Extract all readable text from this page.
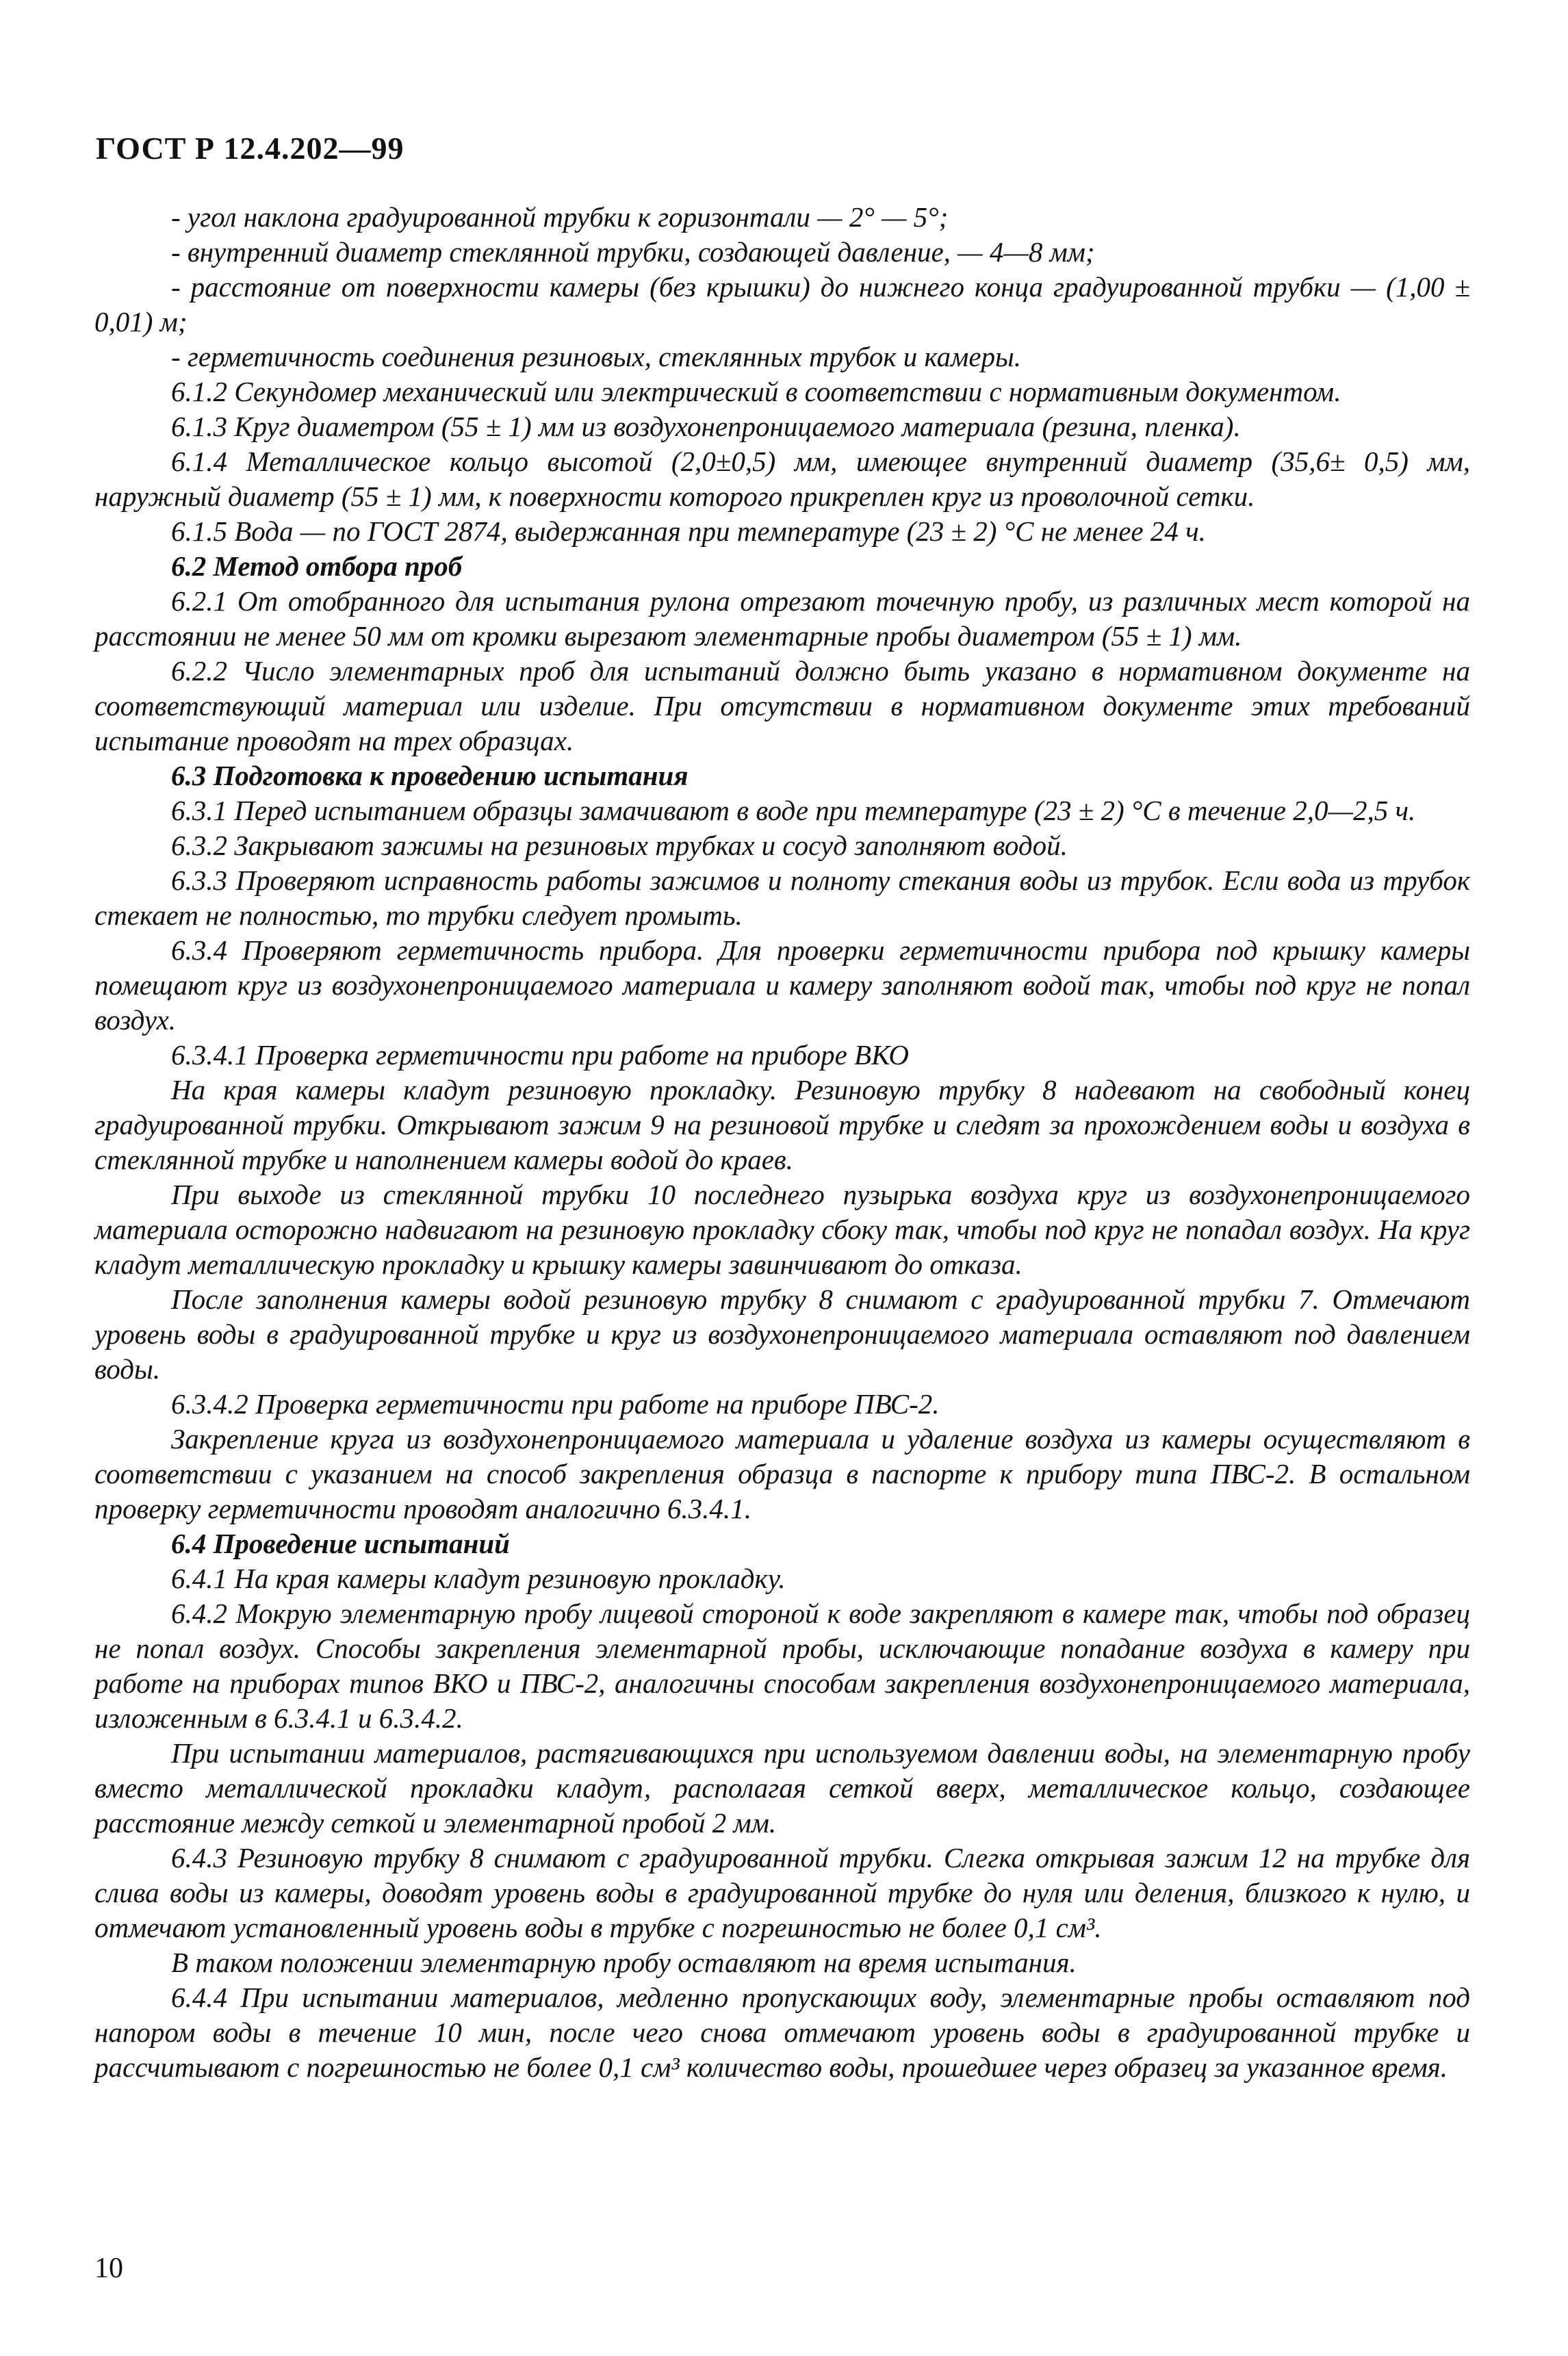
ГОСТ Р 12.4.202—99

- угол наклона градуированной трубки к горизонтали — 2° — 5°;

- внутренний диаметр стеклянной трубки, создающей давление, — 4—8 мм;

- расстояние от поверхности камеры (без крышки) до нижнего конца градуированной трубки — (1,00 ± 0,01) м;

- герметичность соединения резиновых, стеклянных трубок и камеры.

6.1.2 Секундомер механический или электрический в соответствии с нормативным документом.

6.1.3 Круг диаметром (55 ± 1) мм из воздухонепроницаемого материала (резина, пленка).

6.1.4 Металлическое кольцо высотой (2,0±0,5) мм, имеющее внутренний диаметр (35,6± 0,5) мм, наружный диаметр (55 ± 1) мм, к поверхности которого прикреплен круг из проволочной сетки.

6.1.5 Вода — по ГОСТ 2874, выдержанная при температуре (23 ± 2) °С не менее 24 ч.

6.2 Метод отбора проб

6.2.1 От отобранного для испытания рулона отрезают точечную пробу, из различных мест которой на расстоянии не менее 50 мм от кромки вырезают элементарные пробы диаметром (55 ± 1) мм.

6.2.2 Число элементарных проб для испытаний должно быть указано в нормативном документе на соответствующий материал или изделие. При отсутствии в нормативном документе этих требований испытание проводят на трех образцах.

6.3 Подготовка к проведению испытания

6.3.1 Перед испытанием образцы замачивают в воде при температуре (23 ± 2) °С в течение 2,0—2,5 ч.

6.3.2 Закрывают зажимы на резиновых трубках и сосуд заполняют водой.

6.3.3 Проверяют исправность работы зажимов и полноту стекания воды из трубок. Если вода из трубок стекает не полностью, то трубки следует промыть.

6.3.4 Проверяют герметичность прибора. Для проверки герметичности прибора под крышку камеры помещают круг из воздухонепроницаемого материала и камеру заполняют водой так, чтобы под круг не попал воздух.

6.3.4.1 Проверка герметичности при работе на приборе ВКО

На края камеры кладут резиновую прокладку. Резиновую трубку 8 надевают на свободный конец градуированной трубки. Открывают зажим 9 на резиновой трубке и следят за прохождением воды и воздуха в стеклянной трубке и наполнением камеры водой до краев.

При выходе из стеклянной трубки 10 последнего пузырька воздуха круг из воздухонепроницаемого материала осторожно надвигают на резиновую прокладку сбоку так, чтобы под круг не попадал воздух. На круг кладут металлическую прокладку и крышку камеры завинчивают до отказа.

После заполнения камеры водой резиновую трубку 8 снимают с градуированной трубки 7. Отмечают уровень воды в градуированной трубке и круг из воздухонепроницаемого материала оставляют под давлением воды.

6.3.4.2 Проверка герметичности при работе на приборе ПВС-2.

Закрепление круга из воздухонепроницаемого материала и удаление воздуха из камеры осуществляют в соответствии с указанием на способ закрепления образца в паспорте к прибору типа ПВС-2. В остальном проверку герметичности проводят аналогично 6.3.4.1.

6.4 Проведение испытаний

6.4.1 На края камеры кладут резиновую прокладку.

6.4.2 Мокрую элементарную пробу лицевой стороной к воде закрепляют в камере так, чтобы под образец не попал воздух. Способы закрепления элементарной пробы, исключающие попадание воздуха в камеру при работе на приборах типов ВКО и ПВС-2, аналогичны способам закрепления воздухонепроницаемого материала, изложенным в 6.3.4.1 и 6.3.4.2.

При испытании материалов, растягивающихся при используемом давлении воды, на элементарную пробу вместо металлической прокладки кладут, располагая сеткой вверх, металлическое кольцо, создающее расстояние между сеткой и элементарной пробой 2 мм.

6.4.3 Резиновую трубку 8 снимают с градуированной трубки. Слегка открывая зажим 12 на трубке для слива воды из камеры, доводят уровень воды в градуированной трубке до нуля или деления, близкого к нулю, и отмечают установленный уровень воды в трубке с погрешностью не более 0,1 см³.

В таком положении элементарную пробу оставляют на время испытания.

6.4.4 При испытании материалов, медленно пропускающих воду, элементарные пробы оставляют под напором воды в течение 10 мин, после чего снова отмечают уровень воды в градуированной трубке и рассчитывают с погрешностью не более 0,1 см³ количество воды, прошедшее через образец за указанное время.

10
